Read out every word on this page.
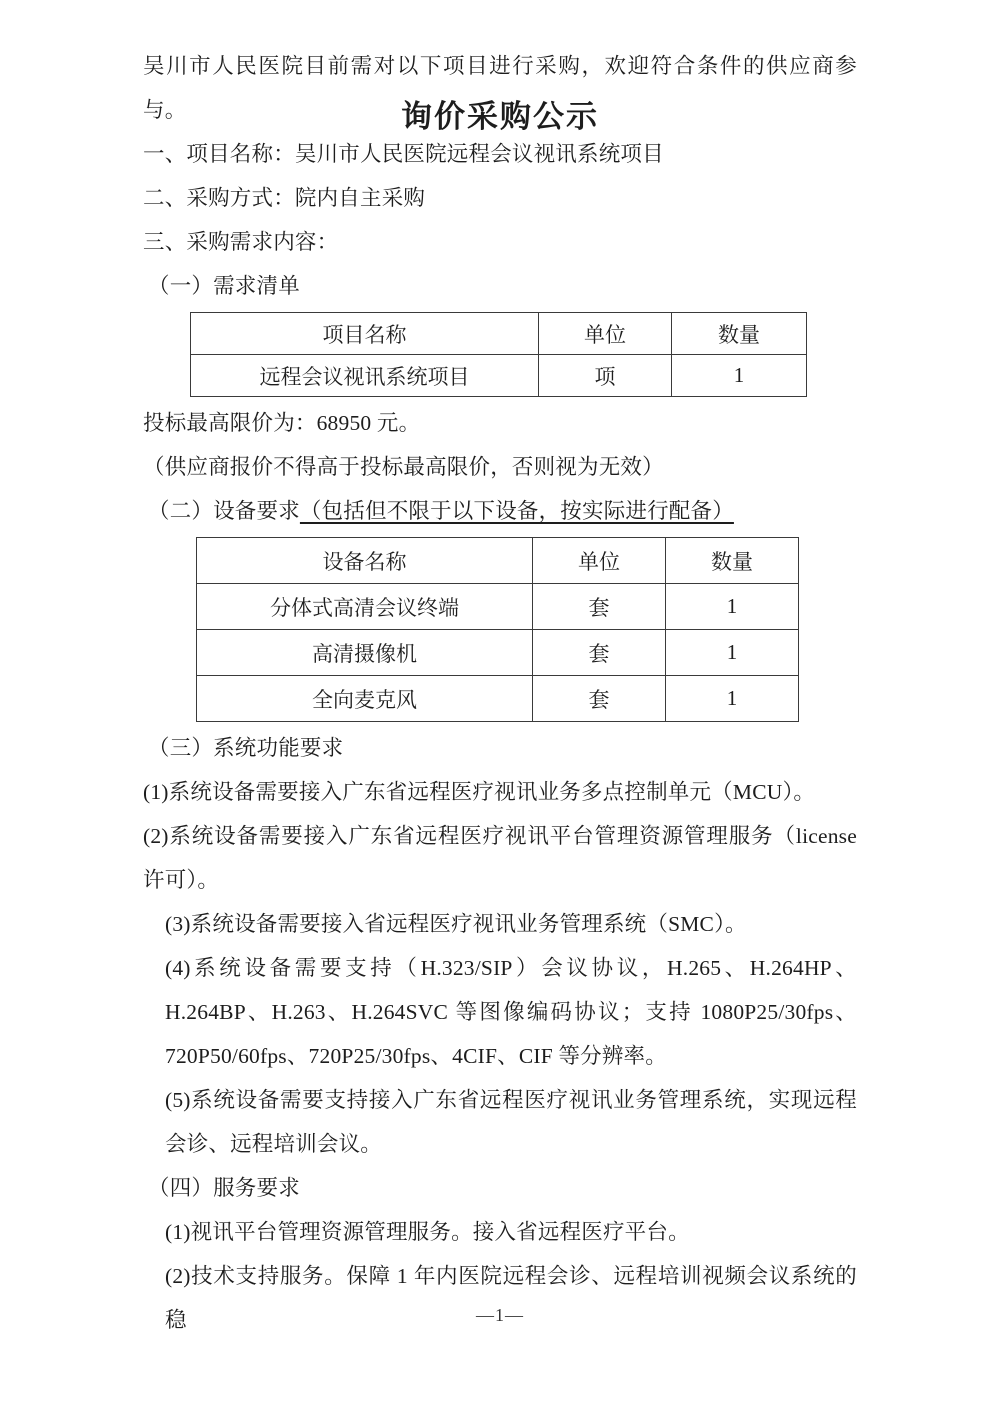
询价采购公示

吴川市人民医院目前需对以下项目进行采购，欢迎符合条件的供应商参与。

一、项目名称：吴川市人民医院远程会议视讯系统项目

二、采购方式：院内自主采购

三、采购需求内容：

（一）需求清单

项目名称	单位	数量
远程会议视讯系统项目	项	1

投标最高限价为：68950 元。

（供应商报价不得高于投标最高限价，否则视为无效）

（二）设备要求（包括但不限于以下设备，按实际进行配备）

设备名称	单位	数量
分体式高清会议终端	套	1
高清摄像机	套	1
全向麦克风	套	1

（三）系统功能要求

(1)系统设备需要接入广东省远程医疗视讯业务多点控制单元（MCU）。

(2)系统设备需要接入广东省远程医疗视讯平台管理资源管理服务（license 许可）。

(3)系统设备需要接入省远程医疗视讯业务管理系统（SMC）。

(4)系统设备需要支持（H.323/SIP）会议协议，H.265、H.264HP、H.264BP、H.263、H.264SVC 等图像编码协议；支持 1080P25/30fps、720P50/60fps、720P25/30fps、4CIF、CIF 等分辨率。

(5)系统设备需要支持接入广东省远程医疗视讯业务管理系统，实现远程会诊、远程培训会议。

（四）服务要求

(1)视讯平台管理资源管理服务。接入省远程医疗平台。

(2)技术支持服务。保障 1 年内医院远程会诊、远程培训视频会议系统的稳	—1—
